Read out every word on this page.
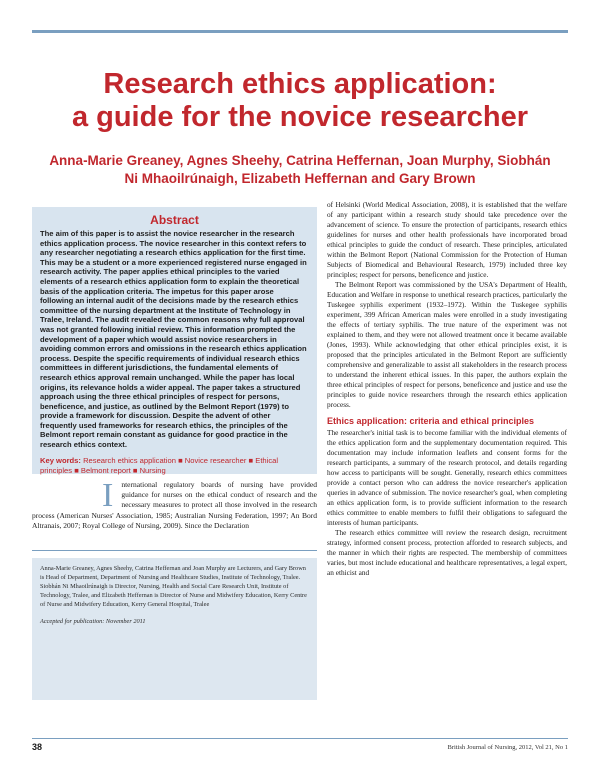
Research ethics application:
a guide for the novice researcher

Anna-Marie Greaney, Agnes Sheehy, Catrina Heffernan, Joan Murphy, Siobhán
Ni Mhaoilrúnaigh, Elizabeth Heffernan and Gary Brown

Abstract

The aim of this paper is to assist the novice researcher in the research ethics application process. The novice researcher in this context refers to any researcher negotiating a research ethics application for the first time. This may be a student or a more experienced registered nurse engaged in research activity. The paper applies ethical principles to the varied elements of a research ethics application form to explain the theoretical basis of the application criteria. The impetus for this paper arose following an internal audit of the decisions made by the research ethics committee of the nursing department at the Institute of Technology in Tralee, Ireland. The audit revealed the common reasons why full approval was not granted following initial review. This information prompted the development of a paper which would assist novice researchers in avoiding common errors and omissions in the research ethics application process. Despite the specific requirements of individual research ethics committees in different jurisdictions, the fundamental elements of research ethics approval remain unchanged. While the paper has local origins, its relevance holds a wider appeal. The paper takes a structured approach using the three ethical principles of respect for persons, beneficence, and justice, as outlined by the Belmont Report (1979) to provide a framework for discussion. Despite the advent of other frequently used frameworks for research ethics, the principles of the Belmont report remain constant as guidance for good practice in the research ethics context.

Key words: Research ethics application ■ Novice researcher ■ Ethical principles ■ Belmont report ■ Nursing

I nternational regulatory boards of nursing have provided guidance for nurses on the ethical conduct of research and the necessary measures to protect all those involved in the research process (American Nurses' Association, 1985; Australian Nursing Federation, 1997; An Bord Altranais, 2007; Royal College of Nursing, 2009). Since the Declaration

Anna-Marie Greaney, Agnes Sheehy, Catrina Heffernan and Joan Murphy are Lecturers, and Gary Brown is Head of Department, Department of Nursing and Healthcare Studies, Institute of Technology, Tralee. Siobhán Ni Mhaoilrúnaigh is Director, Nursing, Health and Social Care Research Unit, Institute of Technology, Tralee, and Elizabeth Heffernan is Director of Nurse and Midwifery Education, Kerry Centre of Nurse and Midwifery Education, Kerry General Hospital, Tralee

Accepted for publication: November 2011

of Helsinki (World Medical Association, 2008), it is established that the welfare of any participant within a research study should take precedence over the advancement of science. To ensure the protection of participants, research ethics guidelines for nurses and other health professionals have incorporated broad ethical principles to guide the conduct of research. These principles, articulated within the Belmont Report (National Commission for the Protection of Human Subjects of Biomedical and Behavioural Research, 1979) included three key principles; respect for persons, beneficence and justice.

The Belmont Report was commissioned by the USA's Department of Health, Education and Welfare in response to unethical research practices, particularly the Tuskegee syphilis experiment (1932–1972). Within the Tuskegee syphilis experiment, 399 African American males were enrolled in a study investigating the effects of tertiary syphilis. The true nature of the experiment was not explained to them, and they were not allowed treatment once it became available (Jones, 1993). While acknowledging that other ethical principles exist, it is proposed that the principles articulated in the Belmont Report are sufficiently comprehensive and generalizable to assist all stakeholders in the research process to understand the inherent ethical issues. In this paper, the authors explain the three ethical principles of respect for persons, beneficence and justice and use the principles to guide novice researchers through the research ethics application process.

Ethics application: criteria and ethical principles

The researcher's initial task is to become familiar with the individual elements of the ethics application form and the supplementary documentation required. This documentation may include information leaflets and consent forms for the research participants, a summary of the research protocol, and details regarding how access to participants will be sought. Generally, research ethics committees provide a contact person who can address the novice researcher's application queries in advance of submission. The novice researcher's goal, when completing an ethics application form, is to provide sufficient information to the research ethics committee to enable members to fulfil their obligations to safeguard the interests of human participants.

The research ethics committee will review the research design, recruitment strategy, informed consent process, protection afforded to research subjects, and the manner in which their rights are respected. The membership of committees varies, but most include educational and healthcare representatives, a legal expert, an ethicist and

38	British Journal of Nursing, 2012, Vol 21, No 1
